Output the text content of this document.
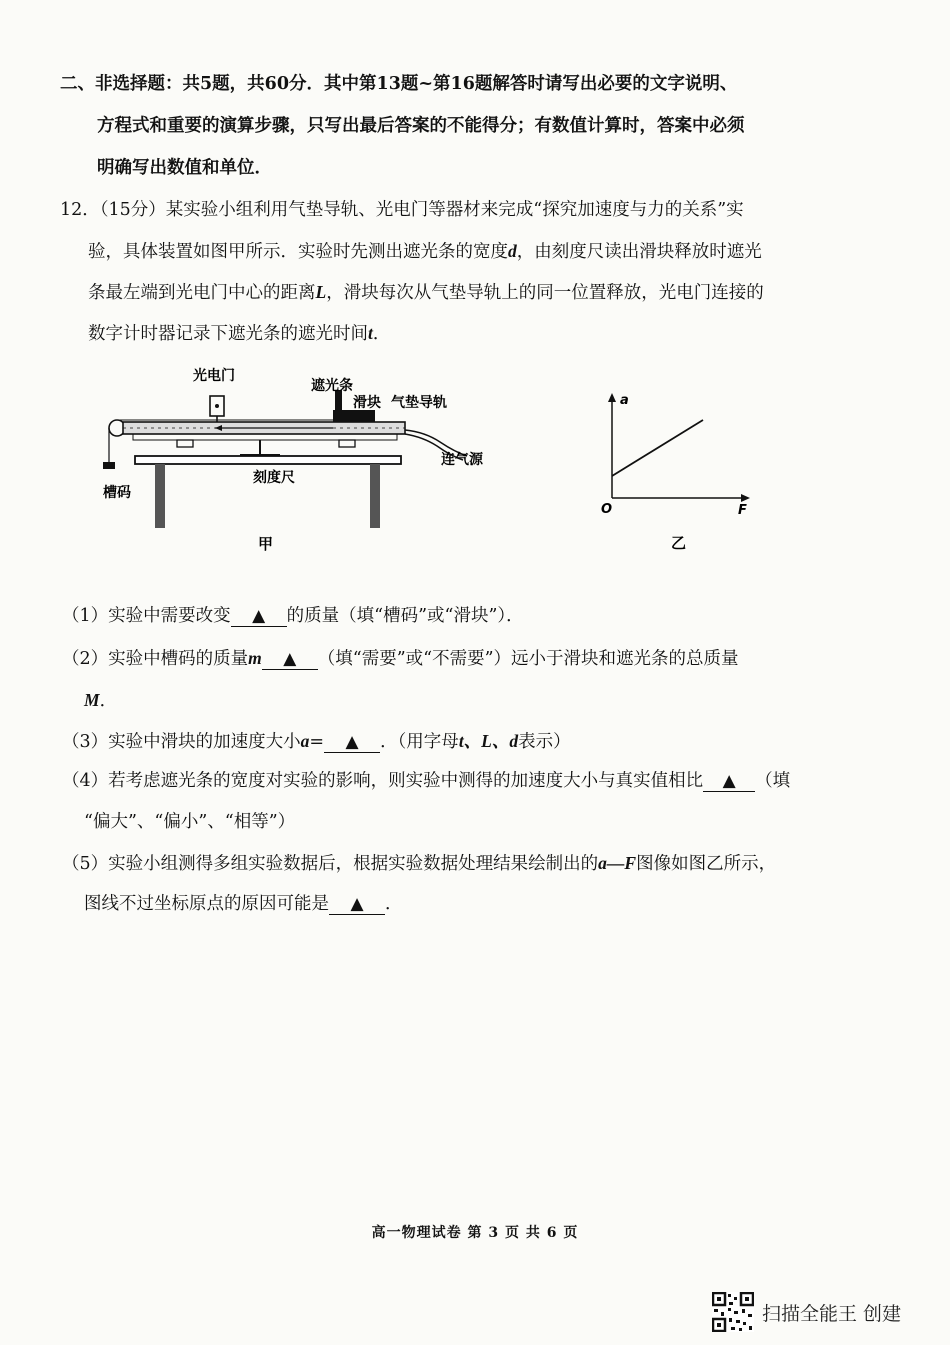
二、非选择题：共5题，共60分．其中第13题~第16题解答时请写出必要的文字说明、
方程式和重要的演算步骤，只写出最后答案的不能得分；有数值计算时，答案中必须
明确写出数值和单位．
12．（15分）某实验小组利用气垫导轨、光电门等器材来完成“探究加速度与力的关系”实
验，具体装置如图甲所示．实验时先测出遮光条的宽度d，由刻度尺读出滑块释放时遮光
条最左端到光电门中心的距离L，滑块每次从气垫导轨上的同一位置释放，光电门连接的
数字计时器记录下遮光条的遮光时间t．
光电门
遮光条
滑块 气垫导轨
连气源
刻度尺
槽码
甲
a
F
O
乙
（1）实验中需要改变 ▲ 的质量（填“槽码”或“滑块”）．
（2）实验中槽码的质量m ▲ （填“需要”或“不需要”）远小于滑块和遮光条的总质量
M．
（3）实验中滑块的加速度大小a= ▲ ．（用字母t、L、d表示）
（4）若考虑遮光条的宽度对实验的影响，则实验中测得的加速度大小与真实值相比 ▲ （填
“偏大”、“偏小”、“相等”）
（5）实验小组测得多组实验数据后，根据实验数据处理结果绘制出的a—F图像如图乙所示，
图线不过坐标原点的原因可能是 ▲ ．
高一物理试卷 第 3 页 共 6 页
扫描全能王 创建
